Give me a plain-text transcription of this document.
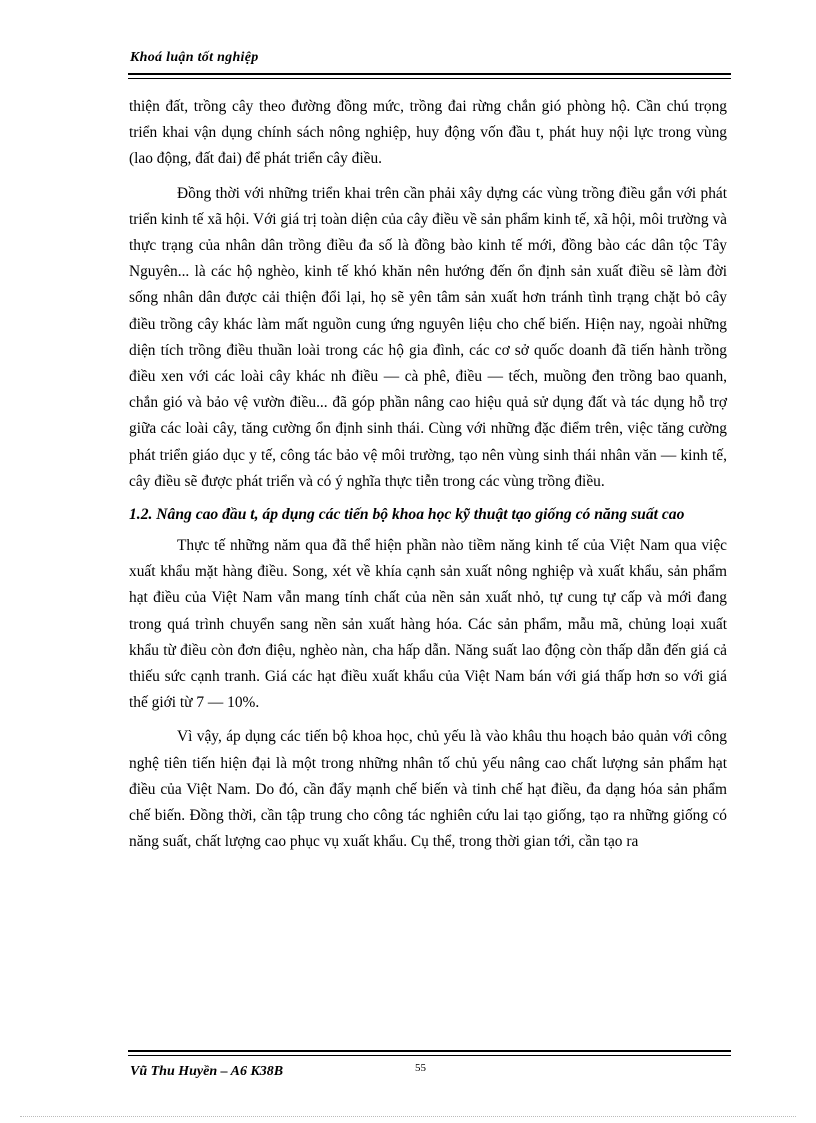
Khoá luận tốt nghiệp

thiện đất, trồng cây theo đường đồng mức, trồng đai rừng chắn gió phòng hộ. Cần chú trọng triển khai vận dụng chính sách nông nghiệp, huy động vốn đầu t, phát huy nội lực trong vùng (lao động, đất đai) để phát triển cây điều.

Đồng thời với những triển khai trên cần phải xây dựng các vùng trồng điều gắn với phát triển kinh tế xã hội. Với giá trị toàn diện của cây điều về sản phẩm kinh tế, xã hội, môi trường và thực trạng của nhân dân trồng điều đa số là đồng bào kinh tế mới, đồng bào các dân tộc Tây Nguyên... là các hộ nghèo, kinh tế khó khăn nên hướng đến ổn định sản xuất điều sẽ làm đời sống nhân dân được cải thiện đổi lại, họ sẽ yên tâm sản xuất hơn tránh tình trạng chặt bỏ cây điều trồng cây khác làm mất nguồn cung ứng nguyên liệu cho chế biến. Hiện nay, ngoài những diện tích trồng điều thuần loài trong các hộ gia đình, các cơ sở quốc doanh đã tiến hành trồng điều xen với các loài cây khác nh điều — cà phê, điều — tếch, muồng đen trồng bao quanh, chắn gió và bảo vệ vườn điều... đã góp phần nâng cao hiệu quả sử dụng đất và tác dụng hỗ trợ giữa các loài cây, tăng cường ổn định sinh thái. Cùng với những đặc điểm trên, việc tăng cường phát triển giáo dục y tế, công tác bảo vệ môi trường, tạo nên vùng sinh thái nhân văn — kinh tế, cây điều sẽ được phát triển và có ý nghĩa thực tiễn trong các vùng trồng điều.

1.2. Nâng cao đầu t, áp dụng các tiến bộ khoa học kỹ thuật tạo giống có năng suất cao

Thực tế những năm qua đã thể hiện phần nào tiềm năng kinh tế của Việt Nam qua việc xuất khẩu mặt hàng điều. Song, xét về khía cạnh sản xuất nông nghiệp và xuất khẩu, sản phẩm hạt điều của Việt Nam vẫn mang tính chất của nền sản xuất nhỏ, tự cung tự cấp và mới đang trong quá trình chuyển sang nền sản xuất hàng hóa. Các sản phẩm, mẫu mã, chủng loại xuất khẩu từ điều còn đơn điệu, nghèo nàn, cha hấp dẫn. Năng suất lao động còn thấp dẫn đến giá cả thiếu sức cạnh tranh. Giá các hạt điều xuất khẩu của Việt Nam bán với giá thấp hơn so với giá thế giới từ 7 — 10%.

Vì vậy, áp dụng các tiến bộ khoa học, chủ yếu là vào khâu thu hoạch bảo quản với công nghệ tiên tiến hiện đại là một trong những nhân tố chủ yếu nâng cao chất lượng sản phẩm hạt điều của Việt Nam. Do đó, cần đẩy mạnh chế biến và tinh chế hạt điều, đa dạng hóa sản phẩm chế biến. Đồng thời, cần tập trung cho công tác nghiên cứu lai tạo giống, tạo ra những giống có năng suất, chất lượng cao phục vụ xuất khẩu. Cụ thể, trong thời gian tới, cần tạo ra

Vũ Thu Huyền – A6 K38B	55
